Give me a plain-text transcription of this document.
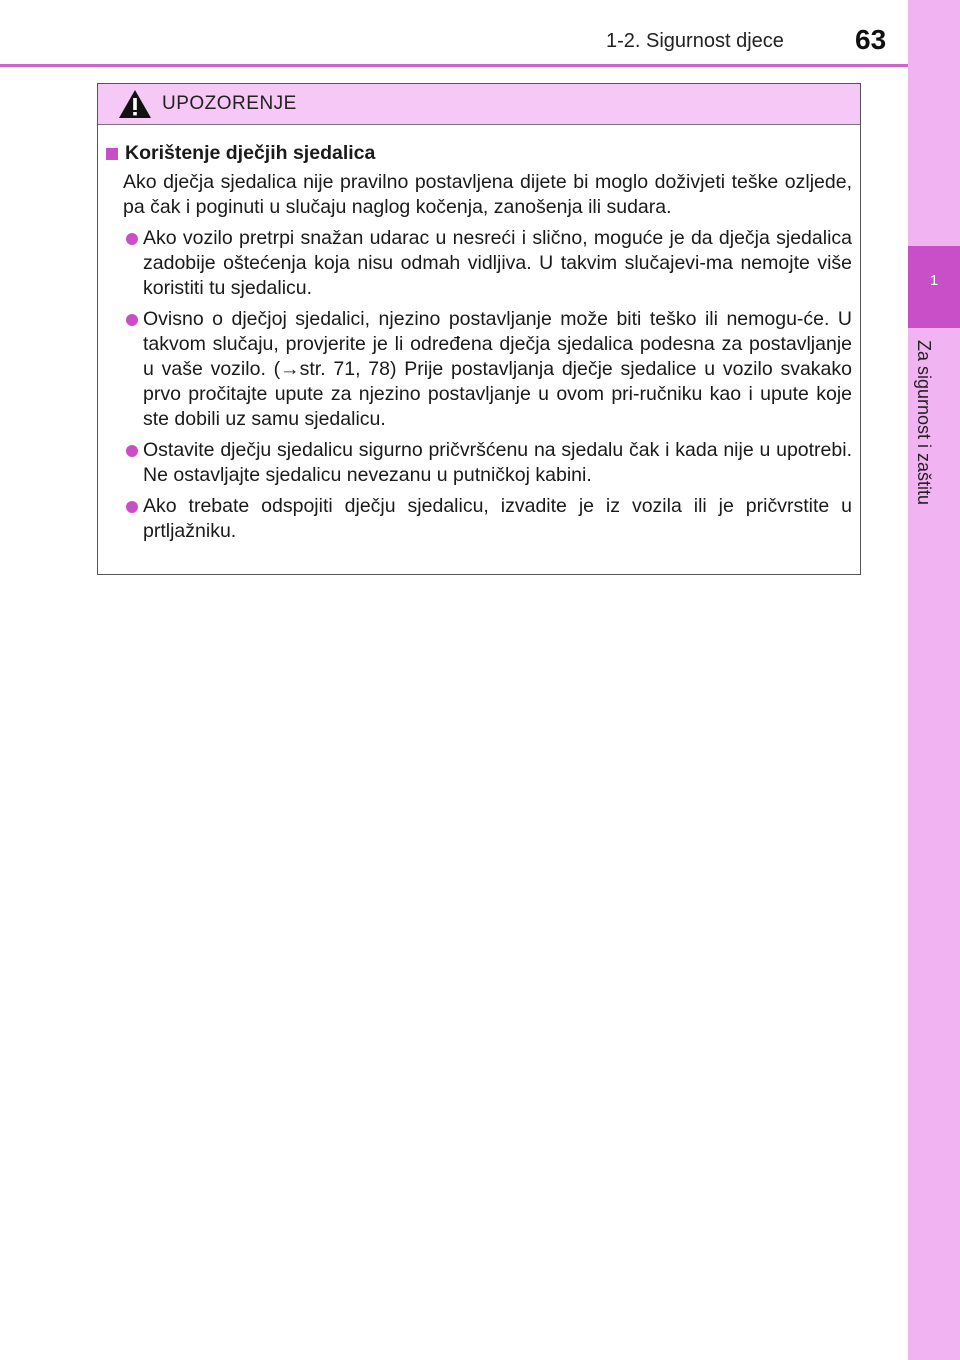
1-2. Sigurnost djece	63
1
Za sigurnost i zaštitu
UPOZORENJE
Korištenje dječjih sjedalica
Ako dječja sjedalica nije pravilno postavljena dijete bi moglo doživjeti teške ozljede, pa čak i poginuti u slučaju naglog kočenja, zanošenja ili sudara.
Ako vozilo pretrpi snažan udarac u nesreći i slično, moguće je da dječja sjedalica zadobije oštećenja koja nisu odmah vidljiva. U takvim slučajevi-ma nemojte više koristiti tu sjedalicu.
Ovisno o dječjoj sjedalici, njezino postavljanje može biti teško ili nemogu-će. U takvom slučaju, provjerite je li određena dječja sjedalica podesna za postavljanje u vaše vozilo. (→str. 71, 78) Prije postavljanja dječje sjedalice u vozilo svakako prvo pročitajte upute za njezino postavljanje u ovom pri-ručniku kao i upute koje ste dobili uz samu sjedalicu.
Ostavite dječju sjedalicu sigurno pričvršćenu na sjedalu čak i kada nije u upotrebi. Ne ostavljajte sjedalicu nevezanu u putničkoj kabini.
Ako trebate odspojiti dječju sjedalicu, izvadite je iz vozila ili je pričvrstite u prtljažniku.
